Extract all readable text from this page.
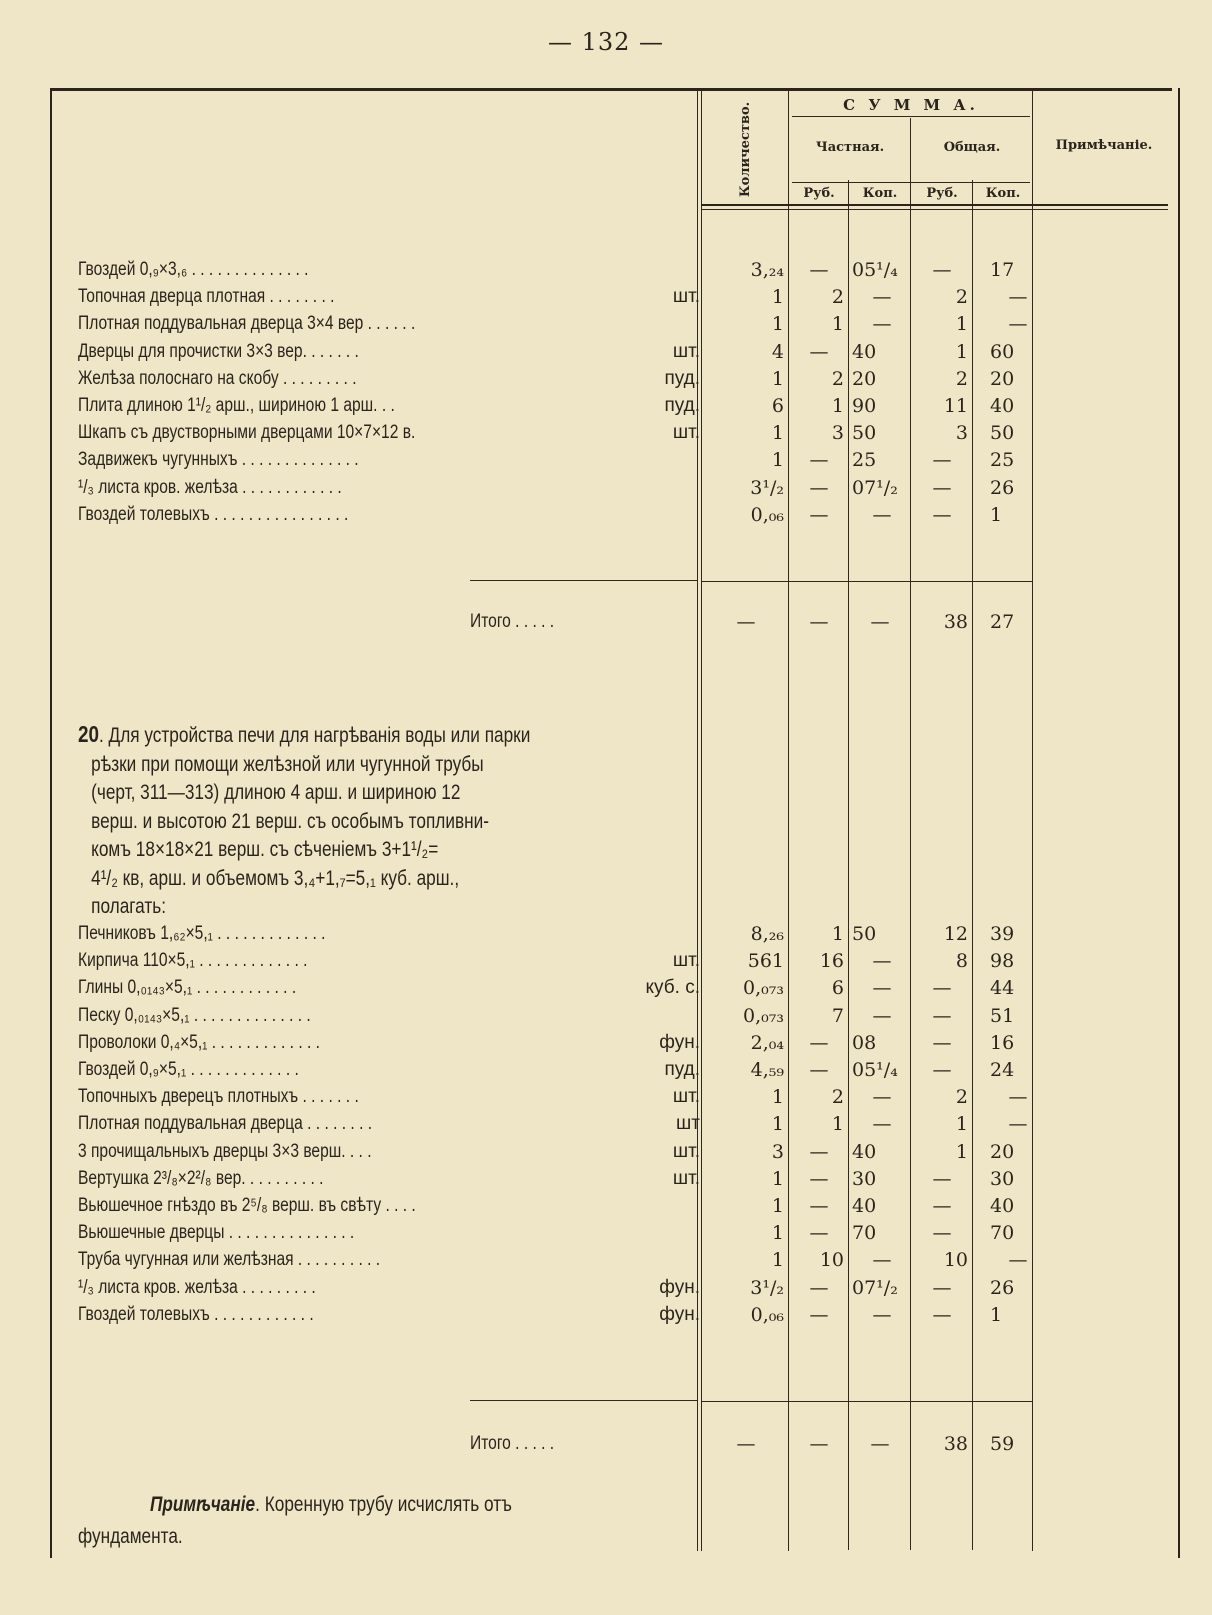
— 132 —
Количество.	С У М М А.
Частная.	Общая.
Руб.	Коп.	Руб.	Коп.
Примѣчаніе.
Гвоздей 0,₉×3,₆ . . . . . . . . . . . . . .	3,₂₄	—	05¹/₄	—	17
Топочная дверца плотная . . . . . . . .	шт.	1	2	—	2	—
Плотная поддувальная дверца 3×4 вер . . . . . .	1	1	—	1	—
Дверцы для прочистки 3×3 вер. . . . . . .	шт.	4	—	40	1 60
Желѣза полоснаго на скобу . . . . . . . . .	пуд.	1	2 20	2 20
Плита длиною 1¹/₂ арш., шириною 1 арш. . .	пуд.	6	1 90	11 40
Шкапъ съ двустворными дверцами 10×7×12 в.	шт.	1	3 50	3 50
Задвижекъ чугунныхъ . . . . . . . . . . . . . .	1	—	25	—	25
¹/₃ листа кров. желѣза . . . . . . . . . . . .	3¹/₂	—	07¹/₂	—	26
Гвоздей толевыхъ . . . . . . . . . . . . . . . .	0,₀₆	—	—	—	1
Итого . . . . .	—	—	—	38 27
20. Для устройства печи для нагрѣванія воды или парки
рѣзки при помощи желѣзной или чугунной трубы
(черт, 311—313) длиною 4 арш. и шириною 12
верш. и высотою 21 верш. съ особымъ топливни-
комъ 18×18×21 верш. съ сѣченіемъ 3+1¹/₂=
4¹/₂ кв, арш. и объемомъ 3,₄+1,₇=5,₁ куб. арш.,
полагать:
Печниковъ 1,₆₂×5,₁ . . . . . . . . . . . . .	8,₂₆	1 50	12 39
Кирпича 110×5,₁ . . . . . . . . . . . . .	шт.	561	16	—	8 98
Глины 0,₀₁₄₃×5,₁ . . . . . . . . . . . .	куб. с.	0,₀₇₃	6	—	—	44
Песку 0,₀₁₄₃×5,₁ . . . . . . . . . . . . . .	0,₀₇₃	7	—	—	51
Проволоки 0,₄×5,₁ . . . . . . . . . . . . .	фун.	2,₀₄	—	08	—	16
Гвоздей 0,₉×5,₁ . . . . . . . . . . . . .	пуд.	4,₅₉	—	05¹/₄	—	24
Топочныхъ дверецъ плотныхъ . . . . . . .	шт.	1	2	—	2	—
Плотная поддувальная дверца . . . . . . . .	шт	1	1	—	1	—
3 прочищальныхъ дверцы 3×3 верш. . . .	шт.	3	—	40	1 20
Вертушка 2³/₈×2²/₈ вер. . . . . . . . . .	шт.	1	—	30	—	30
Вьюшечное гнѣздо въ 2⁵/₈ верш. въ свѣту . . . .	1	—	40	—	40
Вьюшечные дверцы . . . . . . . . . . . . . . .	1	—	70	—	70
Труба чугунная или желѣзная . . . . . . . . . .	1	10	—	10	—
¹/₃ листа кров. желѣза . . . . . . . . .	фун.	3¹/₂	—	07¹/₂	—	26
Гвоздей толевыхъ . . . . . . . . . . . .	фун.	0,₀₆	—	—	—	1
Итого . . . . .	—	—	—	38 59
Примѣчаніе. Коренную трубу исчислять отъ
фундамента.
